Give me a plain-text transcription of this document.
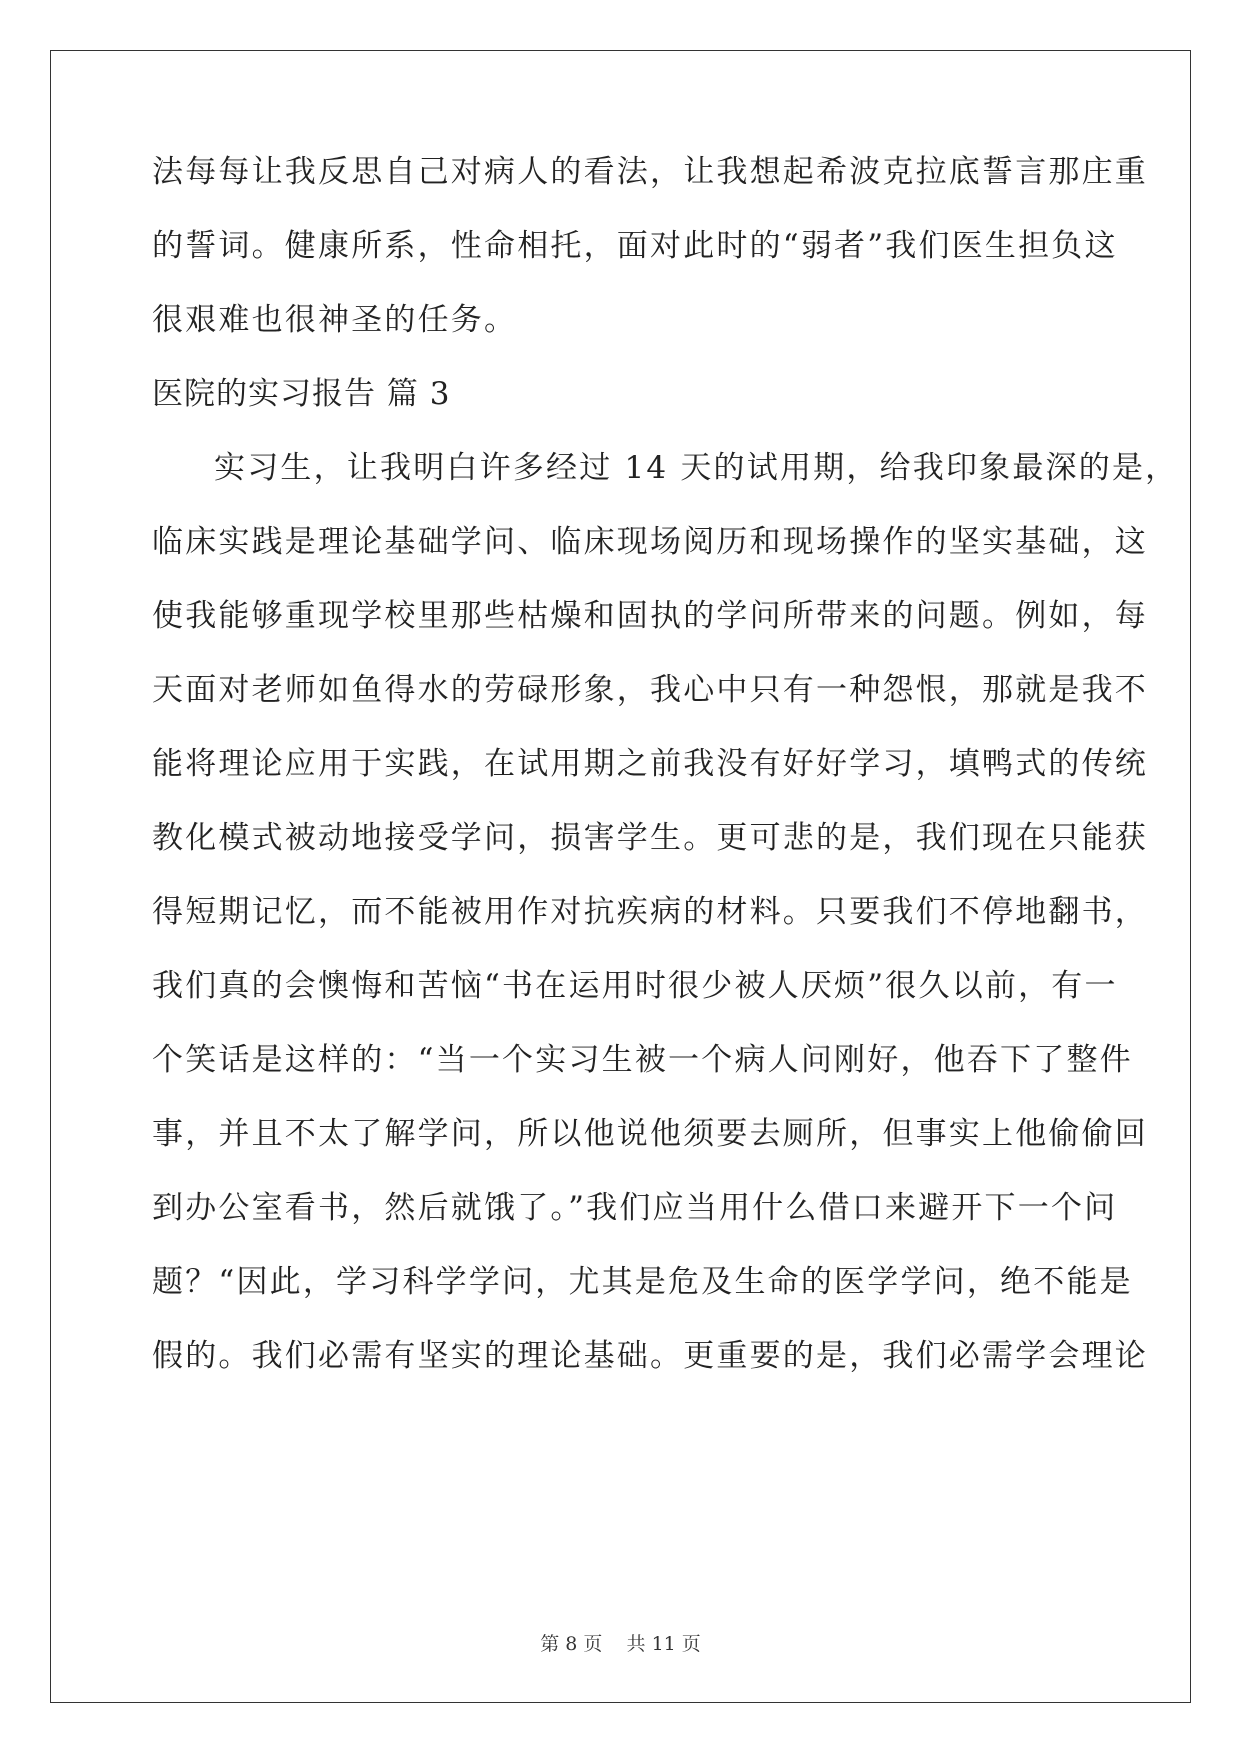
法每每让我反思自己对病人的看法，让我想起希波克拉底誓言那庄重
的誓词。健康所系，性命相托，面对此时的“弱者”我们医生担负这
很艰难也很神圣的任务。
医院的实习报告 篇 3
实习生，让我明白许多经过 14 天的试用期，给我印象最深的是，
临床实践是理论基础学问、临床现场阅历和现场操作的坚实基础，这
使我能够重现学校里那些枯燥和固执的学问所带来的问题。例如，每
天面对老师如鱼得水的劳碌形象，我心中只有一种怨恨，那就是我不
能将理论应用于实践，在试用期之前我没有好好学习，填鸭式的传统
教化模式被动地接受学问，损害学生。更可悲的是，我们现在只能获
得短期记忆，而不能被用作对抗疾病的材料。只要我们不停地翻书，
我们真的会懊悔和苦恼“书在运用时很少被人厌烦”很久以前，有一
个笑话是这样的：“当一个实习生被一个病人问刚好，他吞下了整件
事，并且不太了解学问，所以他说他须要去厕所，但事实上他偷偷回
到办公室看书，然后就饿了。”我们应当用什么借口来避开下一个问
题？“因此，学习科学学问，尤其是危及生命的医学学问，绝不能是
假的。我们必需有坚实的理论基础。更重要的是，我们必需学会理论
第 8 页    共 11 页
